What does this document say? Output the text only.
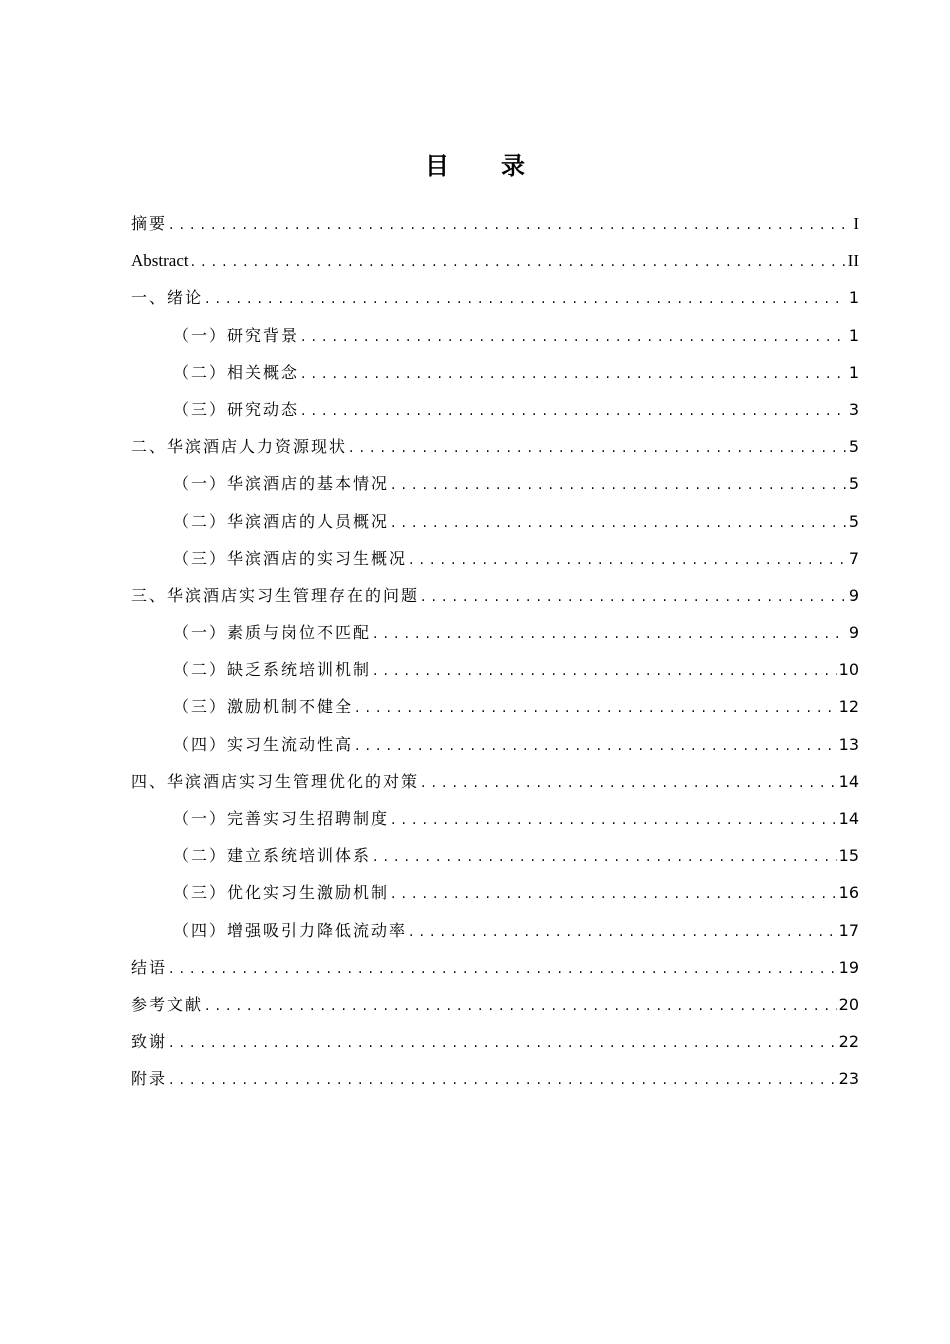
目 录
摘要 . . .	I
Abstract . . .	II
一、绪论 . . .	1
（一）研究背景 . . .	1
（二）相关概念 . . .	1
（三）研究动态 . . .	3
二、华滨酒店人力资源现状 . . .	5
（一）华滨酒店的基本情况 . . .	5
（二）华滨酒店的人员概况 . . .	5
（三）华滨酒店的实习生概况 . . .	7
三、华滨酒店实习生管理存在的问题 . . .	9
（一）素质与岗位不匹配 . . .	9
（二）缺乏系统培训机制 . . .	10
（三）激励机制不健全 . . .	12
（四）实习生流动性高 . . .	13
四、华滨酒店实习生管理优化的对策 . . .	14
（一）完善实习生招聘制度 . . .	14
（二）建立系统培训体系 . . .	15
（三）优化实习生激励机制 . . .	16
（四）增强吸引力降低流动率 . . .	17
结语 . . .	19
参考文献 . . .	20
致谢 . . .	22
附录 . . .	23
